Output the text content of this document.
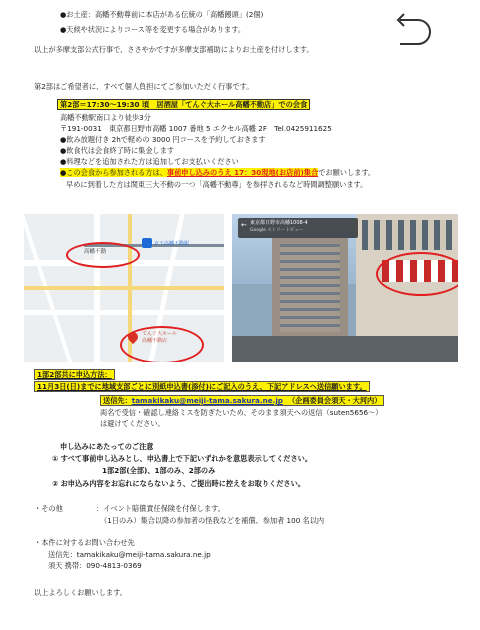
●お土産：高幡不動尊前に本店がある伝統の「高幡饅頭」(2個)
●天候や状況によりコース等を変更する場合があります。
以上が多摩支部公式行事で、ささやかですが多摩支部補助によりお土産を付けします。
第2部はご希望者に、すべて個人負担にてご参加いただく行事です。
第2部＝17:30～19:30 頃　居酒屋「てんぐ大ホール高幡不動店」での会食
高幡不動駅南口より徒歩3分
〒191-0031　東京都日野市高幡 1007 番地 5 エクセル高幡 2F　Tel.0425911625
●飲み放題付き 2hで軽めの 3000 円コースを予約しておきます
●飲食代は会食終了時に集金します
●料理などを追加された方は追加してお支払いください
●この会食から参加される方は、事前申し込みのうえ 17：30現地(お店前)集合でお願いします。
早めに到着した方は関東三大不動の一つ「高幡不動尊」を参拝されるなど時間調整願います。
高幡不動
京王高幡不動駅
てんぐ大ホール
高幡不動店
東京都日野市高幡1008-4
Google ストリートビュー
←
1部2部共に申込方法：
11月3日(日)までに地域支部ごとに別紙申込書(添付)にご記入のうえ、下記アドレスへ送信願います。
送信先：tamakikaku@meiji-tama.sakura.ne.jp （企画委員会須天・大河内）
両名で受信・確認し連絡ミスを防ぎたいため、そのまま須天への返信（suten5656～）
は避けてください。
申し込みにあたってのご注意
① すべて事前申し込みとし、申込書上で下記いずれかを意思表示してください。
1部2部(全部)、1部のみ、2部のみ
② お申込み内容をお忘れにならないよう、ご提出時に控えをお取りください。
・その他	：イベント賠償責任保険を付保します。
（1日のみ）集合以降の参加者の怪我などを補償、参加者 100 名以内
・本件に対するお問い合わせ先
送信先：tamakikaku@meiji-tama.sakura.ne.jp
須天 携帯：090-4813-0369
以上よろしくお願いします。
